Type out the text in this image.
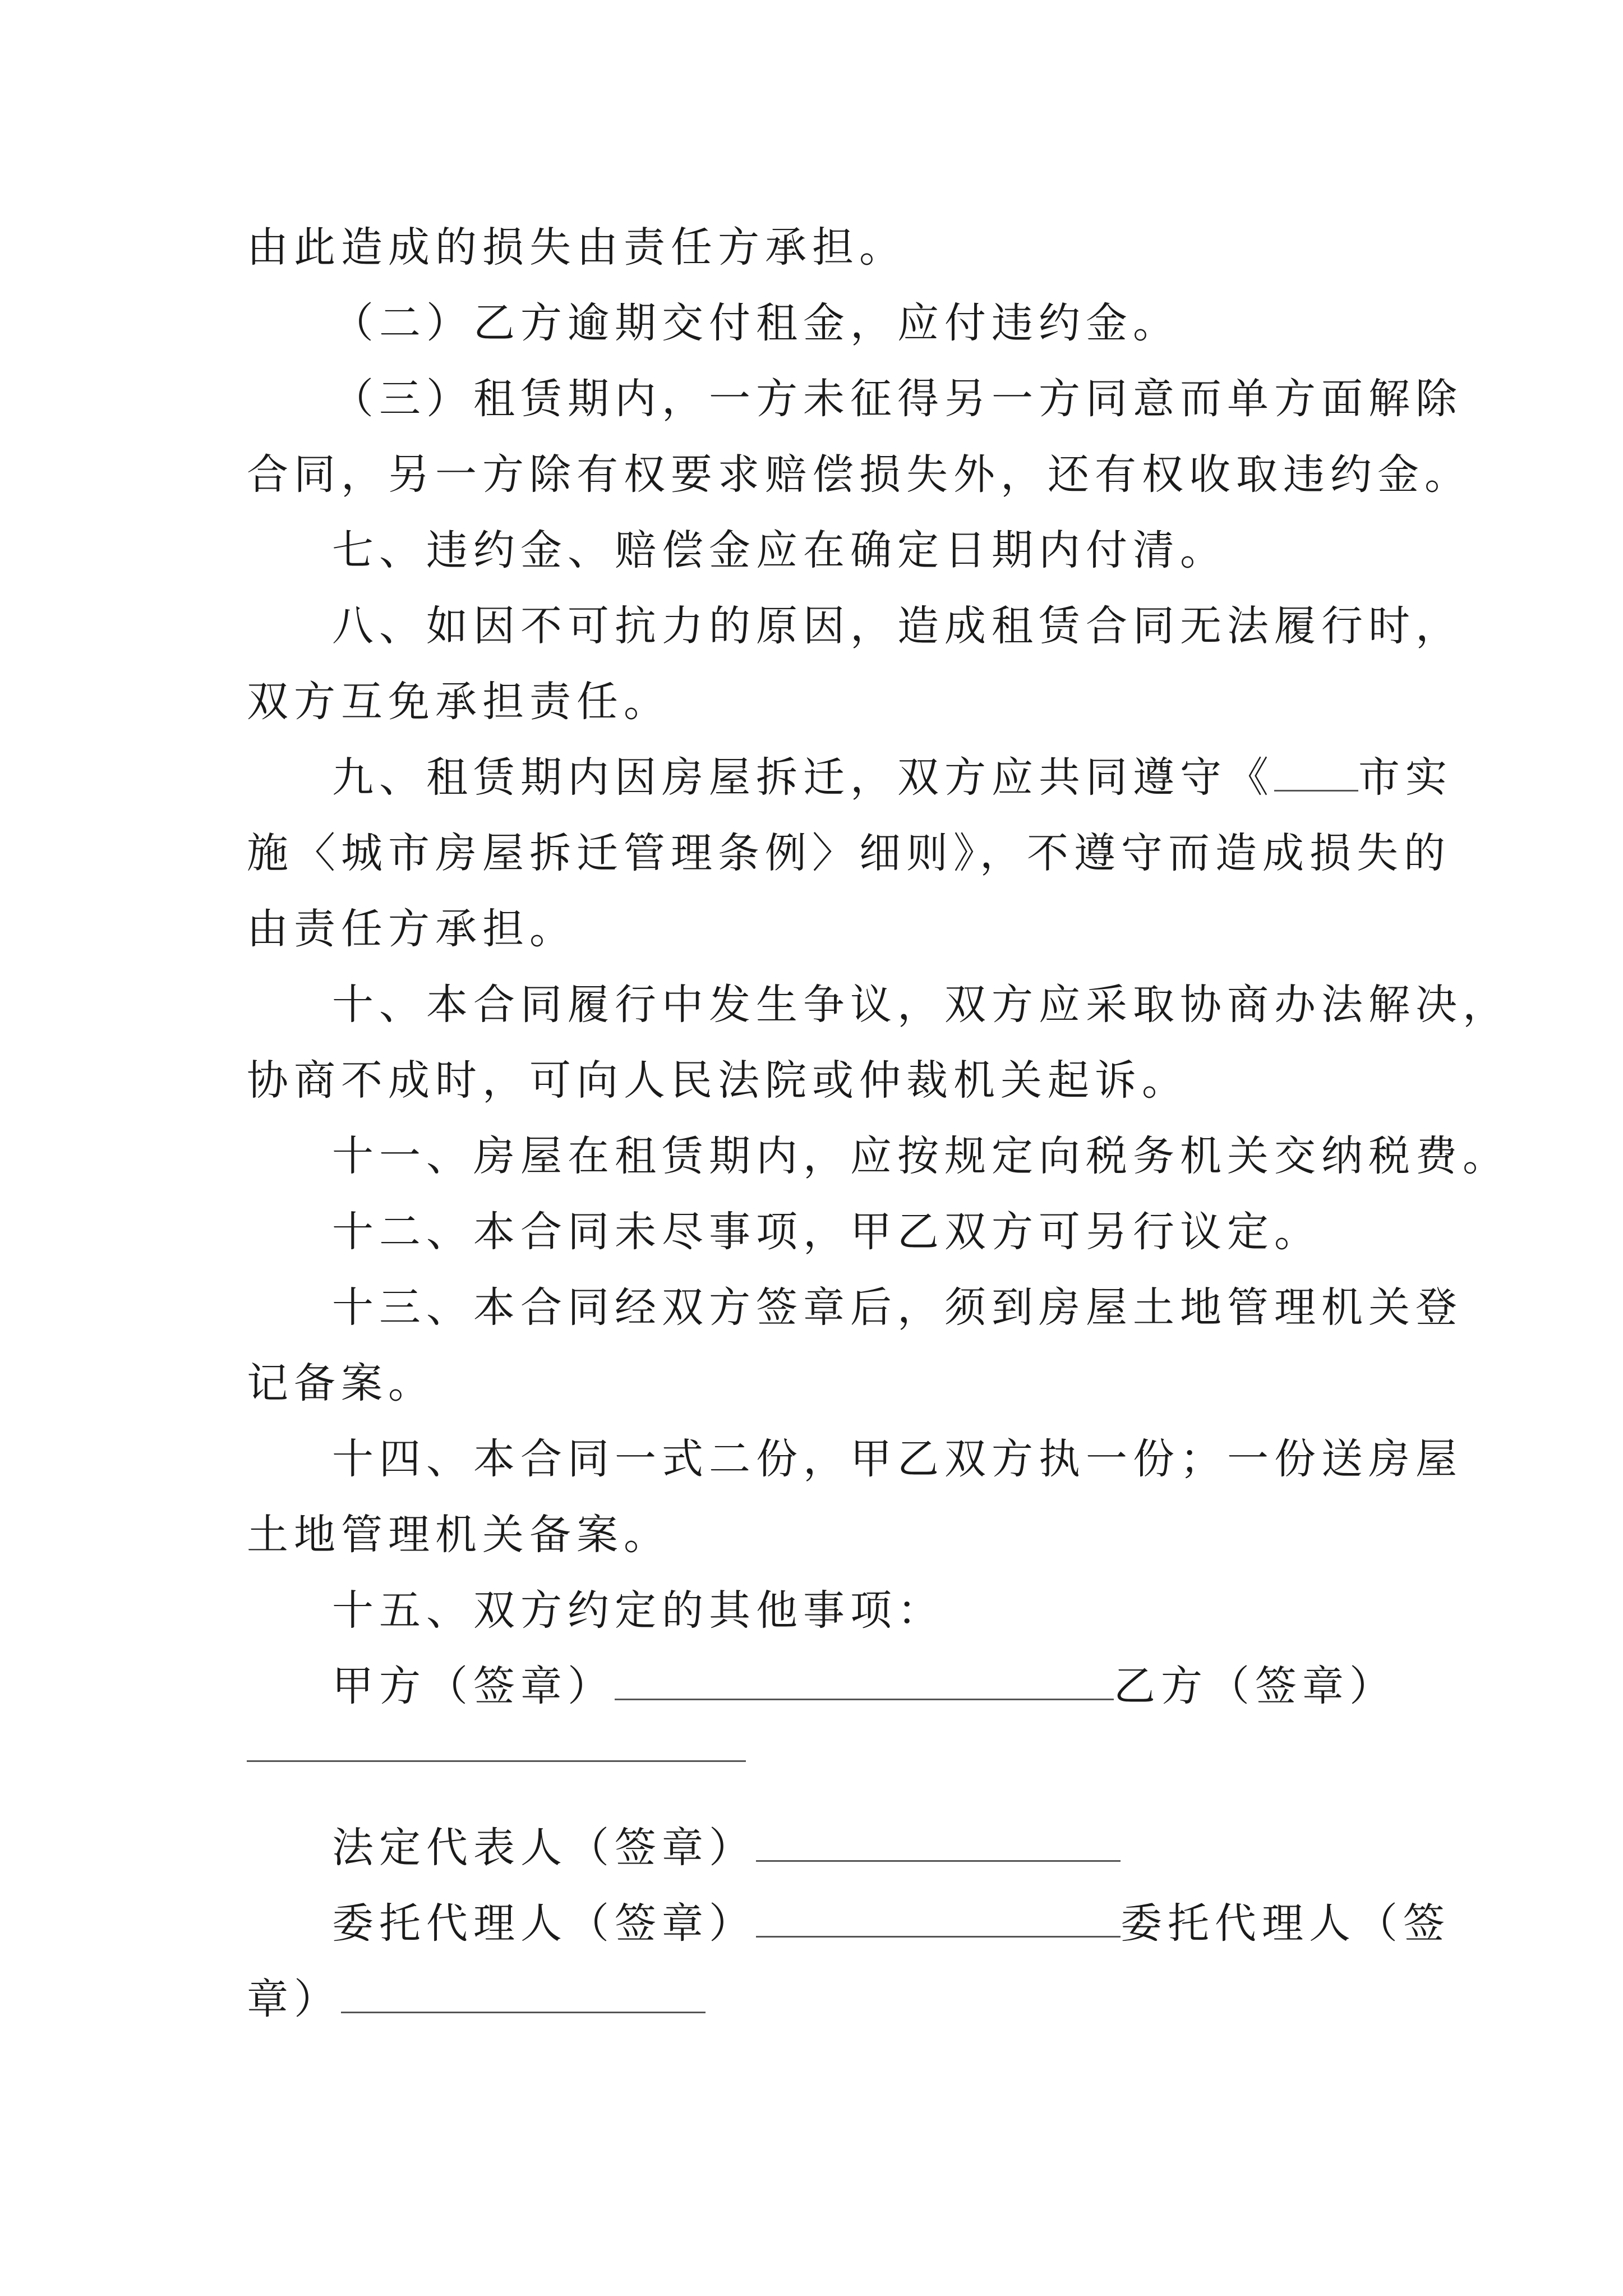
由此造成的损失由责任方承担。
（二）乙方逾期交付租金，应付违约金。
（三）租赁期内，一方未征得另一方同意而单方面解除
合同，另一方除有权要求赔偿损失外，还有权收取违约金。
七、违约金、赔偿金应在确定日期内付清。
八、如因不可抗力的原因，造成租赁合同无法履行时，
双方互免承担责任。
九、租赁期内因房屋拆迁，双方应共同遵守《 市实
施〈城市房屋拆迁管理条例〉细则》，不遵守而造成损失的
由责任方承担。
十、本合同履行中发生争议，双方应采取协商办法解决，
协商不成时，可向人民法院或仲裁机关起诉。
十一、房屋在租赁期内，应按规定向税务机关交纳税费。
十二、本合同未尽事项，甲乙双方可另行议定。
十三、本合同经双方签章后，须到房屋土地管理机关登
记备案。
十四、本合同一式二份，甲乙双方执一份；一份送房屋
土地管理机关备案。
十五、双方约定的其他事项：
甲方（签章）	乙方（签章）
法定代表人（签章）
委托代理人（签章）	委托代理人（签
章）
